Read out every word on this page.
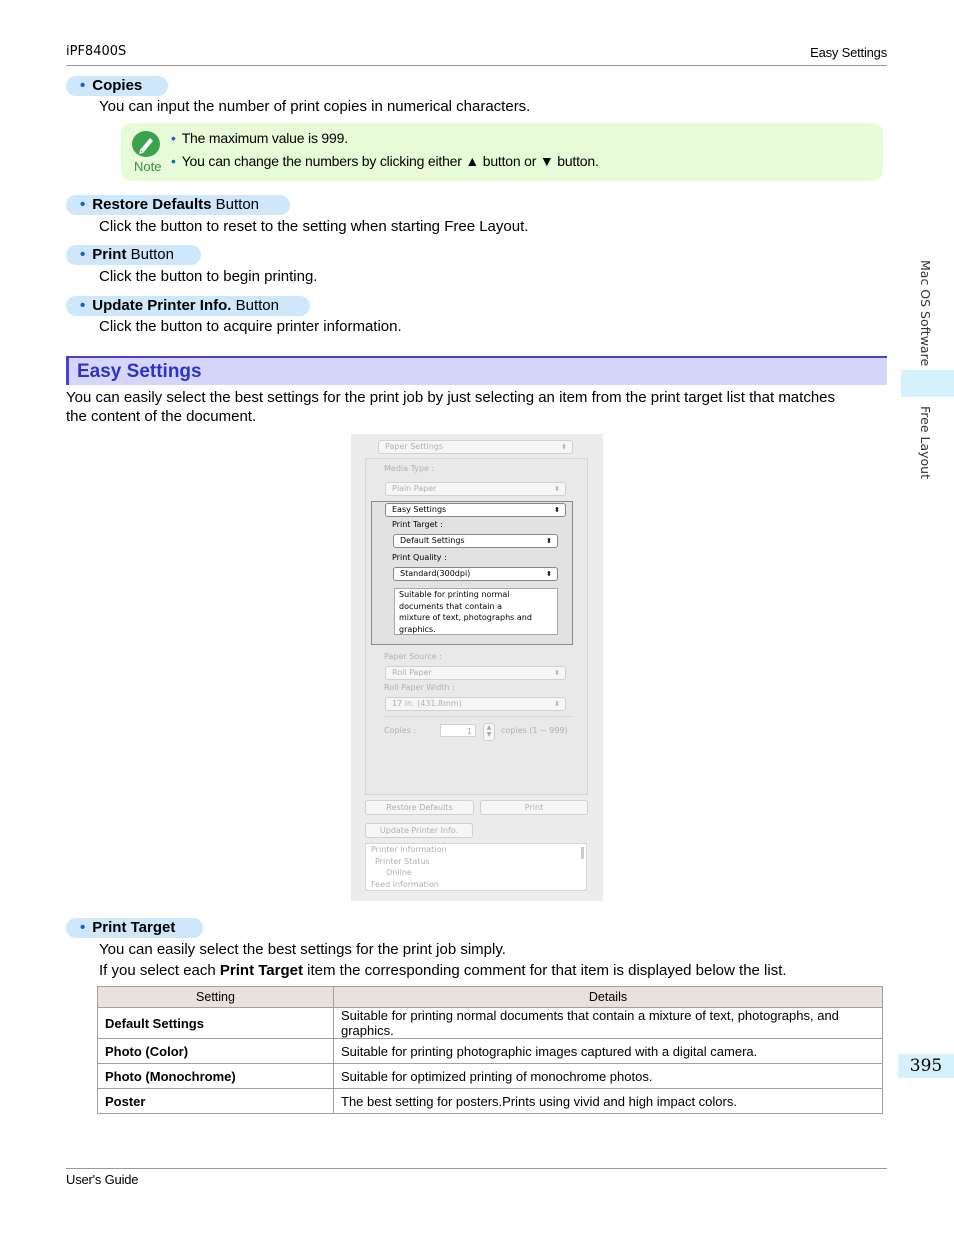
iPF8400S	Easy Settings
• Copies
You can input the number of print copies in numerical characters.
Note
• The maximum value is 999.
• You can change the numbers by clicking either ▲ button or ▼ button.
• Restore Defaults Button
Click the button to reset to the setting when starting Free Layout.
• Print Button
Click the button to begin printing.
• Update Printer Info. Button
Click the button to acquire printer information.
Easy Settings
You can easily select the best settings for the print job by just selecting an item from the print target list that matches
the content of the document.
Paper Settings	⬍
Media Type :
Plain Paper	⬍
Easy Settings	⬍
Print Target :
Default Settings	⬍
Print Quality :
Standard(300dpi)	⬍
Suitable for printing normal
documents that contain a
mixture of text, photographs and
graphics.
Paper Source :
Roll Paper	⬍
Roll Paper Width :
17 in. (431.8mm)	⬍
Copies :	1	▲
▼	copies (1 ~ 999)
Restore Defaults	Print
Update Printer Info.
Printer Information
Printer Status
Online
Feed Information
• Print Target
You can easily select the best settings for the print job simply.
If you select each Print Target item the corresponding comment for that item is displayed below the list.
Setting	Details
Default Settings	Suitable for printing normal documents that contain a mixture of text, photographs, and graphics.
Photo (Color)	Suitable for printing photographic images captured with a digital camera.
Photo (Monochrome)	Suitable for optimized printing of monochrome photos.
Poster	The best setting for posters.Prints using vivid and high impact colors.
Mac OS Software
Free Layout
395
User's Guide
